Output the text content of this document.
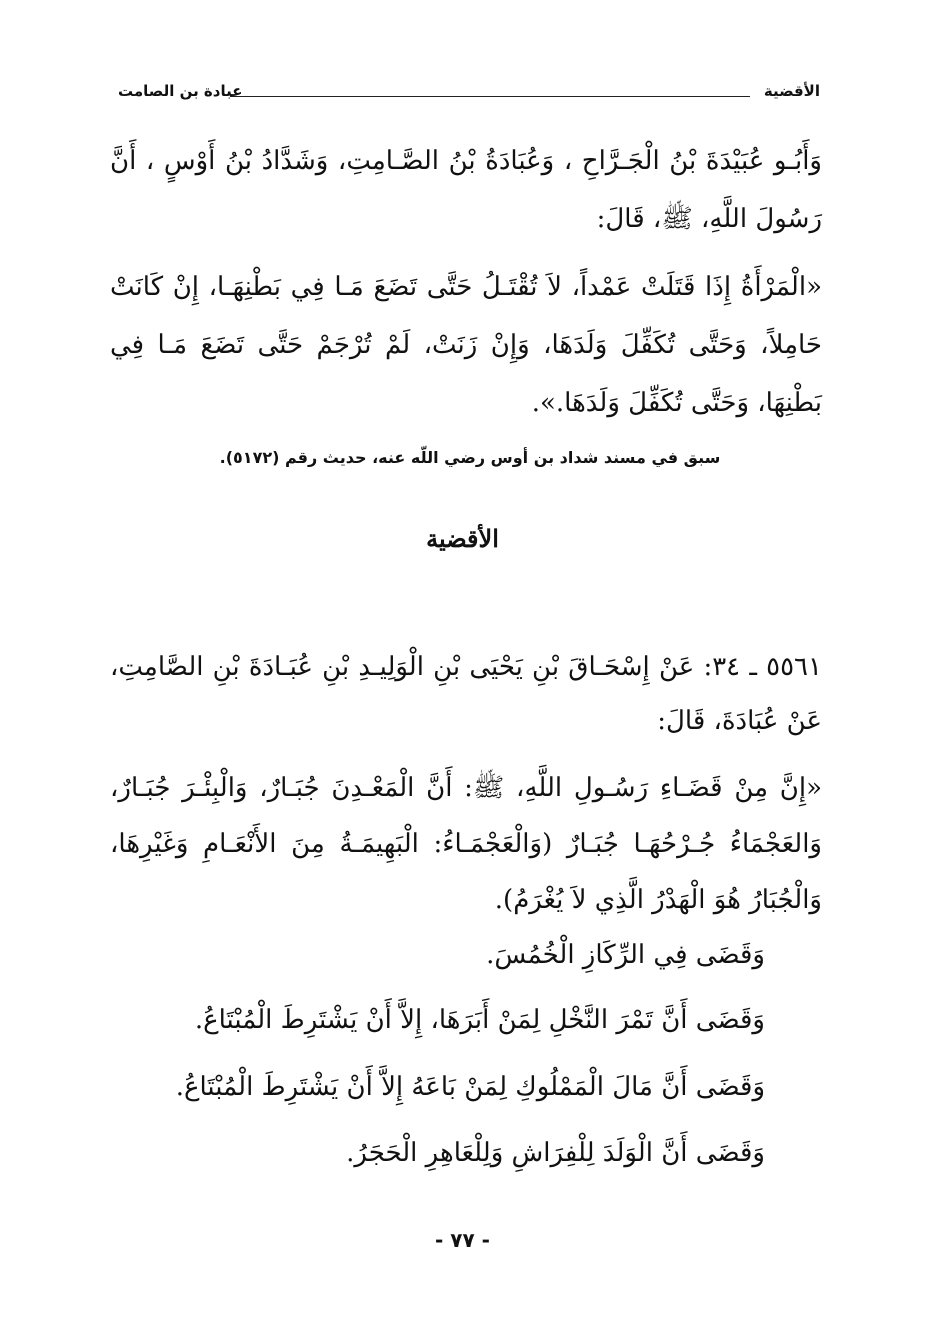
الأقضية
عبادة بن الصامت

وَأَبُـو عُبَيْدَةَ بْنُ الْجَـرَّاحِ ، وَعُبَادَةُ بْنُ الصَّـامِتِ، وَشَدَّادُ بْنُ أَوْسٍ ، أَنَّ رَسُولَ اللَّهِ، ﷺ، قَالَ:

«الْمَرْأَةُ إِذَا قَتَلَتْ عَمْداً، لاَ تُقْتَـلُ حَتَّى تَضَعَ مَـا فِي بَطْنِهَـا، إِنْ كَانَتْ حَامِلاً، وَحَتَّى تُكَفِّلَ وَلَدَهَا، وَإِنْ زَنَتْ، لَمْ تُرْجَمْ حَتَّى تَضَعَ مَـا فِي بَطْنِهَا، وَحَتَّى تُكَفِّلَ وَلَدَهَا.».

سبق في مسند شداد بن أوس رضي اللّه عنه، حديث رقم (٥١٧٢).

الأقضية

٥٥٦١ ـ ٣٤: عَنْ إِسْحَـاقَ بْنِ يَحْيَى بْنِ الْوَلِيـدِ بْنِ عُبَـادَةَ بْنِ الصَّامِتِ، عَنْ عُبَادَةَ، قَالَ:

«إِنَّ مِنْ قَضَـاءِ رَسُـولِ اللَّهِ، ﷺ: أَنَّ الْمَعْـدِنَ جُبَـارٌ، وَالْبِئْـرَ جُبَـارٌ، وَالعَجْمَاءُ جُـرْحُهَـا جُبَـارٌ (وَالْعَجْمَـاءُ: الْبَهِيمَـةُ مِنَ الأَنْعَـامِ وَغَيْرِهَا، وَالْجُبَارُ هُوَ الْهَدْرُ الَّذِي لاَ يُغْرَمُ).

وَقَضَى فِي الرِّكَازِ الْخُمُسَ.

وَقَضَى أَنَّ تَمْرَ النَّخْلِ لِمَنْ أَبَرَهَا، إِلاَّ أَنْ يَشْتَرِطَ الْمُبْتَاعُ.

وَقَضَى أَنَّ مَالَ الْمَمْلُوكِ لِمَنْ بَاعَهُ إِلاَّ أَنْ يَشْتَرِطَ الْمُبْتَاعُ.

وَقَضَى أَنَّ الْوَلَدَ لِلْفِرَاشِ وَلِلْعَاهِرِ الْحَجَرُ.

- ٧٧ -
